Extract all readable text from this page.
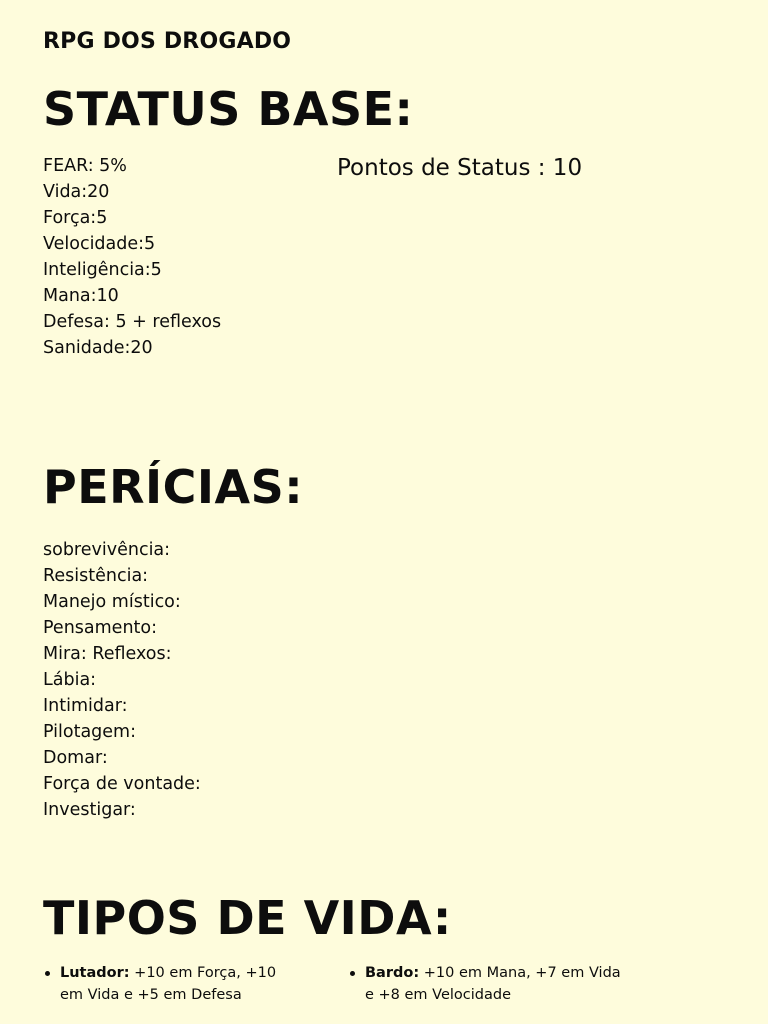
RPG DOS DROGADO
STATUS BASE:
FEAR: 5%
Vida:20
Força:5
Velocidade:5
Inteligência:5
Mana:10
Defesa: 5 + reflexos
Sanidade:20
Pontos de Status : 10
PERÍCIAS:
sobrevivência:
Resistência:
Manejo místico:
Pensamento:
Mira: Reflexos:
Lábia:
Intimidar:
Pilotagem:
Domar:
Força de vontade:
Investigar:
TIPOS DE VIDA:
Lutador: +10 em Força, +10 em Vida e +5 em Defesa
Bardo: +10 em Mana, +7 em Vida e +8 em Velocidade
